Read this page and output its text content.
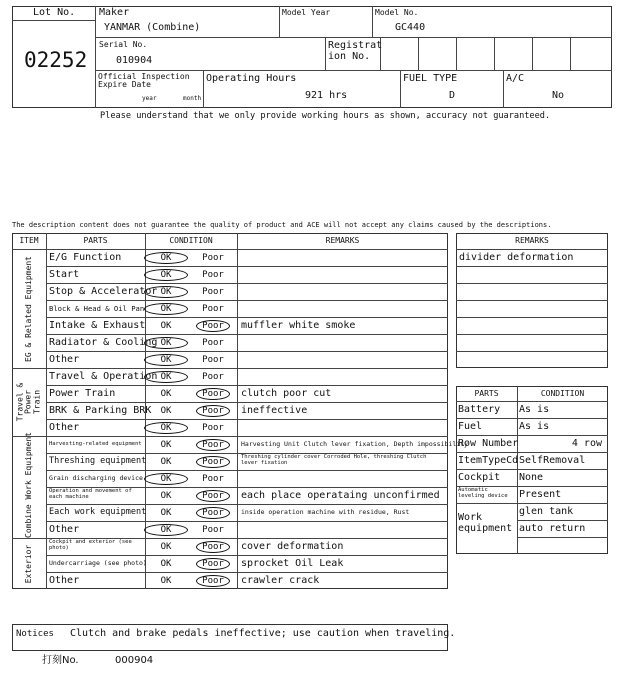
Lot No.
02252
Maker
YANMAR (Combine)
Model Year	Model No.
GC440
Serial No.
010904
Registrat ion No.
Official Inspection Expire Date
year	month
Operating Hours
921 hrs
FUEL TYPE
D
A/C
No
Please understand that we only provide working hours as shown, accuracy not guaranteed.
The description content does not guarantee the quality of product and ACE will not accept any claims caused by the descriptions.
ITEM	PARTS	CONDITION	REMARKS
EG & Related Equipment E/G Function	OK	Poor
Start	OK	Poor
Stop & Accelerator OK	Poor
Block & Head & Oil Pan	OK	Poor
Intake & Exhaust	OK	Poor	muffler white smoke
Radiator & Cooling OK	Poor
Other	OK	Poor
Travel & Power Train
Travel & Operation OK	Poor
Power Train	OK	Poor	clutch poor cut
BRK & Parking BRK	OK	Poor	ineffective
Other	OK	Poor
Combine Work Equipment	Harvesting-related equipment	OK	Poor	Harvesting Unit Clutch lever fixation, Depth impossibility
Threshing equipment	OK	Poor	Threshing cylinder cover Corroded Hole, threshing Clutch lever fixation
Grain discharging device	OK	Poor
Operation and movement of each machine	OK	Poor	each place operataing unconfirmed
Each work equipment	OK	Poor	inside operation machine with residue, Rust
Other	OK	Poor
Exterior
Cockpit and exterior (see photo)	OK	Poor	cover deformation
Undercarriage (see photo)	OK	Poor	sprocket Oil Leak
Other	OK	Poor	crawler crack
REMARKS
divider deformation
PARTS	CONDITION
Battery As is
Fuel	As is
Row Number	4 row
ItemTypeCd SelfRemoval
Cockpit None
Automatic leveling device	Present
Work equipment
glen tank
auto return
Notices Clutch and brake pedals ineffective; use caution when traveling.
打刻No.	000904
